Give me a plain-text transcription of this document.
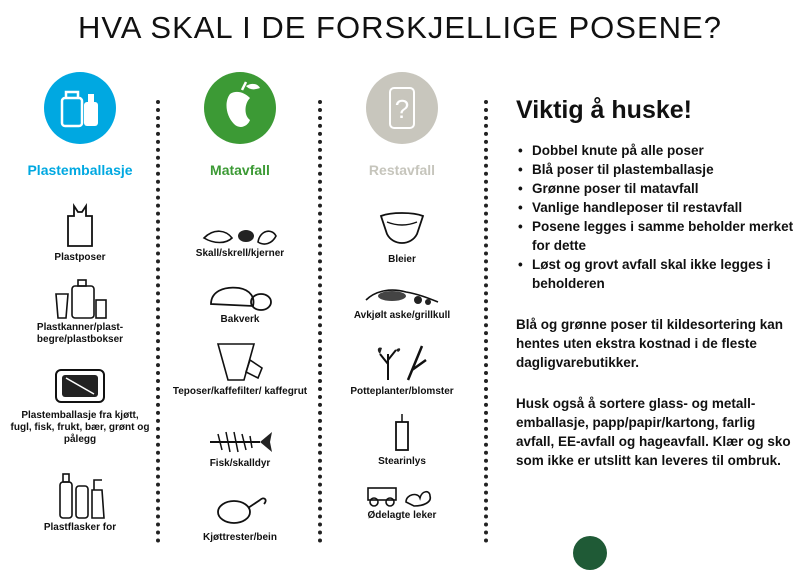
HVA SKAL I DE FORSKJELLIGE POSENE?
Plastemballasje
Plastposer
Plastkanner/plast-begre/plastbokser
Plastemballasje fra kjøtt, fugl, fisk, frukt, bær, grønt og pålegg
Plastflasker for
Matavfall
Skall/skrell/kjerner
Bakverk
Teposer/kaffefilter/ kaffegrut
Fisk/skalldyr
Kjøttrester/bein
?
Restavfall
Bleier
Avkjølt aske/grillkull
Potteplanter/blomster
Stearinlys
Ødelagte leker
Viktig å huske!
• Dobbel knute på alle poser
• Blå poser til plastemballasje
• Grønne poser til matavfall
• Vanlige handleposer til restavfall
• Posene legges i samme beholder merket for dette
• Løst og grovt avfall skal ikke legges i beholderen

Blå og grønne poser til kildesortering kan hentes uten ekstra kostnad i de fleste dagligvarebutikker.

Husk også å sortere glass- og metall-emballasje, papp/papir/kartong, farlig avfall, EE-avfall og hageavfall. Klær og sko som ikke er utslitt kan leveres til ombruk.
